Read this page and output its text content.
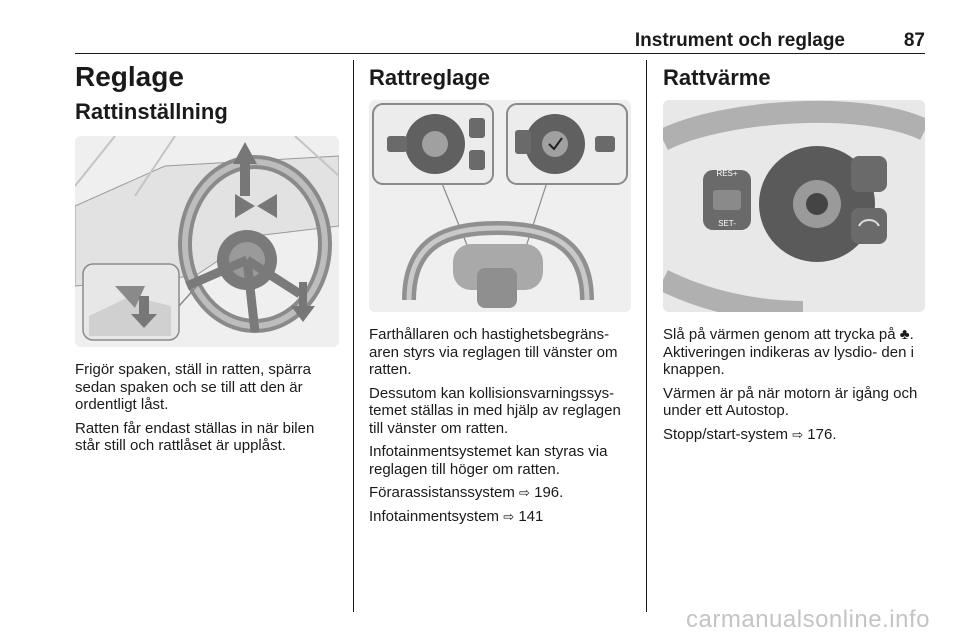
Instrument och reglage	87
Reglage
Rattinställning

Frigör spaken, ställ in ratten, spärra sedan spaken och se till att den är ordentligt låst.

Ratten får endast ställas in när bilen står still och rattlåset är upplåst.

Rattreglage

Farthållaren och hastighetsbegräns- aren styrs via reglagen till vänster om ratten.

Dessutom kan kollisionsvarningssys- temet ställas in med hjälp av reglagen till vänster om ratten.

Infotainmentsystemet kan styras via reglagen till höger om ratten.

Förarassistanssystem ⇨ 196.

Infotainmentsystem ⇨ 141

Rattvärme
RES+
SET-

Slå på värmen genom att trycka på ♣. Aktiveringen indikeras av lysdio- den i knappen.

Värmen är på när motorn är igång och under ett Autostop.

Stopp/start-system ⇨ 176.

carmanualsonline.info
